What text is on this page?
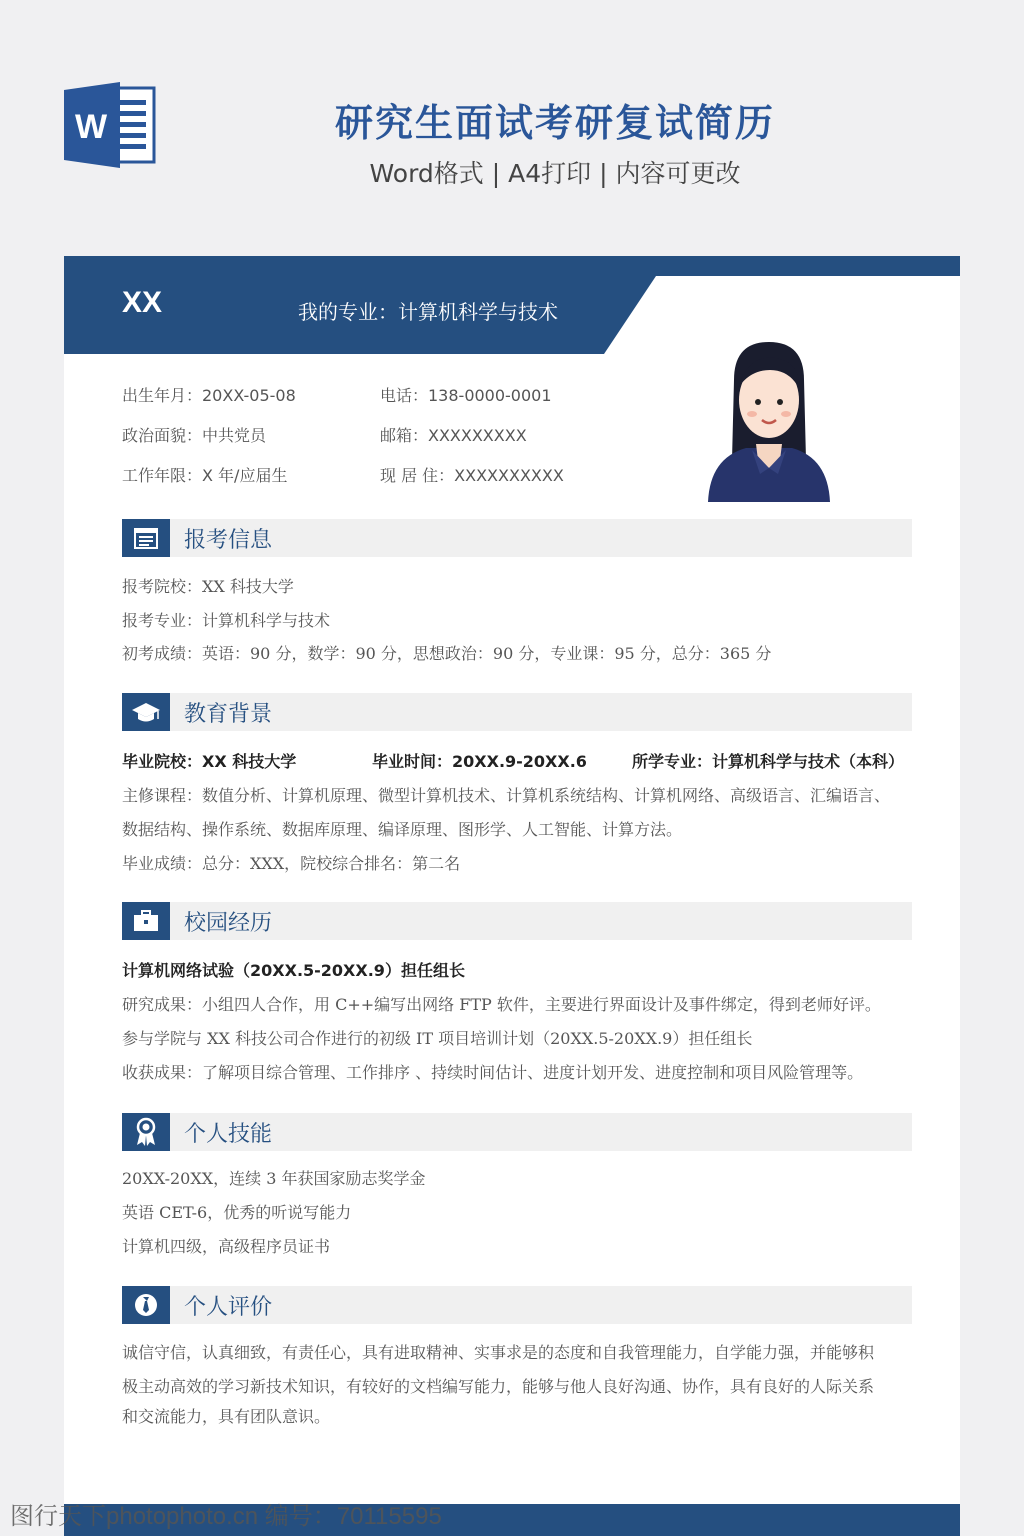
W	研究生面试考研复试简历
Word格式 | A4打印 | 内容可更改
XX	我的专业：计算机科学与技术
出生年月：20XX-05-08	电话：138-0000-0001
政治面貌：中共党员	邮箱：XXXXXXXXX
工作年限：X 年/应届生	现 居 住：XXXXXXXXXX
报考信息
报考院校：XX 科技大学
报考专业：计算机科学与技术
初考成绩：英语：90 分，数学：90 分，思想政治：90 分，专业课：95 分，总分：365 分
教育背景
毕业院校：XX 科技大学	毕业时间：20XX.9-20XX.6	所学专业：计算机科学与技术（本科）
主修课程：数值分析、计算机原理、微型计算机技术、计算机系统结构、计算机网络、高级语言、汇编语言、
数据结构、操作系统、数据库原理、编译原理、图形学、人工智能、计算方法。
毕业成绩：总分：XXX，院校综合排名：第二名
校园经历
计算机网络试验（20XX.5-20XX.9）担任组长
研究成果：小组四人合作，用 C++编写出网络 FTP 软件，主要进行界面设计及事件绑定，得到老师好评。
参与学院与 XX 科技公司合作进行的初级 IT 项目培训计划（20XX.5-20XX.9）担任组长
收获成果：了解项目综合管理、工作排序 、持续时间估计、进度计划开发、进度控制和项目风险管理等。
个人技能
20XX-20XX，连续 3 年获国家励志奖学金
英语 CET-6，优秀的听说写能力
计算机四级，高级程序员证书
个人评价
诚信守信，认真细致，有责任心，具有进取精神、实事求是的态度和自我管理能力，自学能力强，并能够积
极主动高效的学习新技术知识，有较好的文档编写能力，能够与他人良好沟通、协作，具有良好的人际关系
和交流能力，具有团队意识。
图行天下photophoto.cn 编号：70115595
